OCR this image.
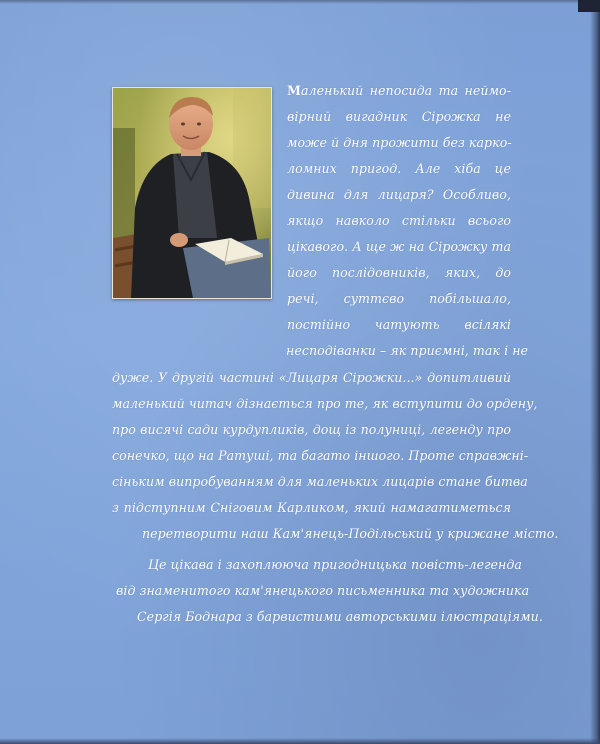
Маленький непосида та неймо-
вірний вигадник Сірожка не
може й дня прожити без карко-
ломних пригод. Але хіба це
дивина для лицаря? Особливо,
якщо навколо стільки всього
цікавого. А ще ж на Сірожку та
його послідовників, яких, до
речі, суттєво побільшало,
постійно чатують всілякі
несподіванки – як приємні, так і не
дуже. У другій частині «Лицаря Сірожки...» допитливий
маленький читач дізнається про те, як вступити до ордену,
про висячі сади курдупликів, дощ із полуниці, легенду про
сонечко, що на Ратуші, та багато іншого. Проте справжні-
сіньким випробуванням для маленьких лицарів стане битва
з підступним Сніговим Карликом, який намагатиметься
перетворити наш Кам'янець-Подільський у крижане місто.
Це цікава і захоплююча пригодницька повість-легенда
від знаменитого кам'янецького письменника та художника
Сергія Боднара з барвистими авторськими ілюстраціями.
